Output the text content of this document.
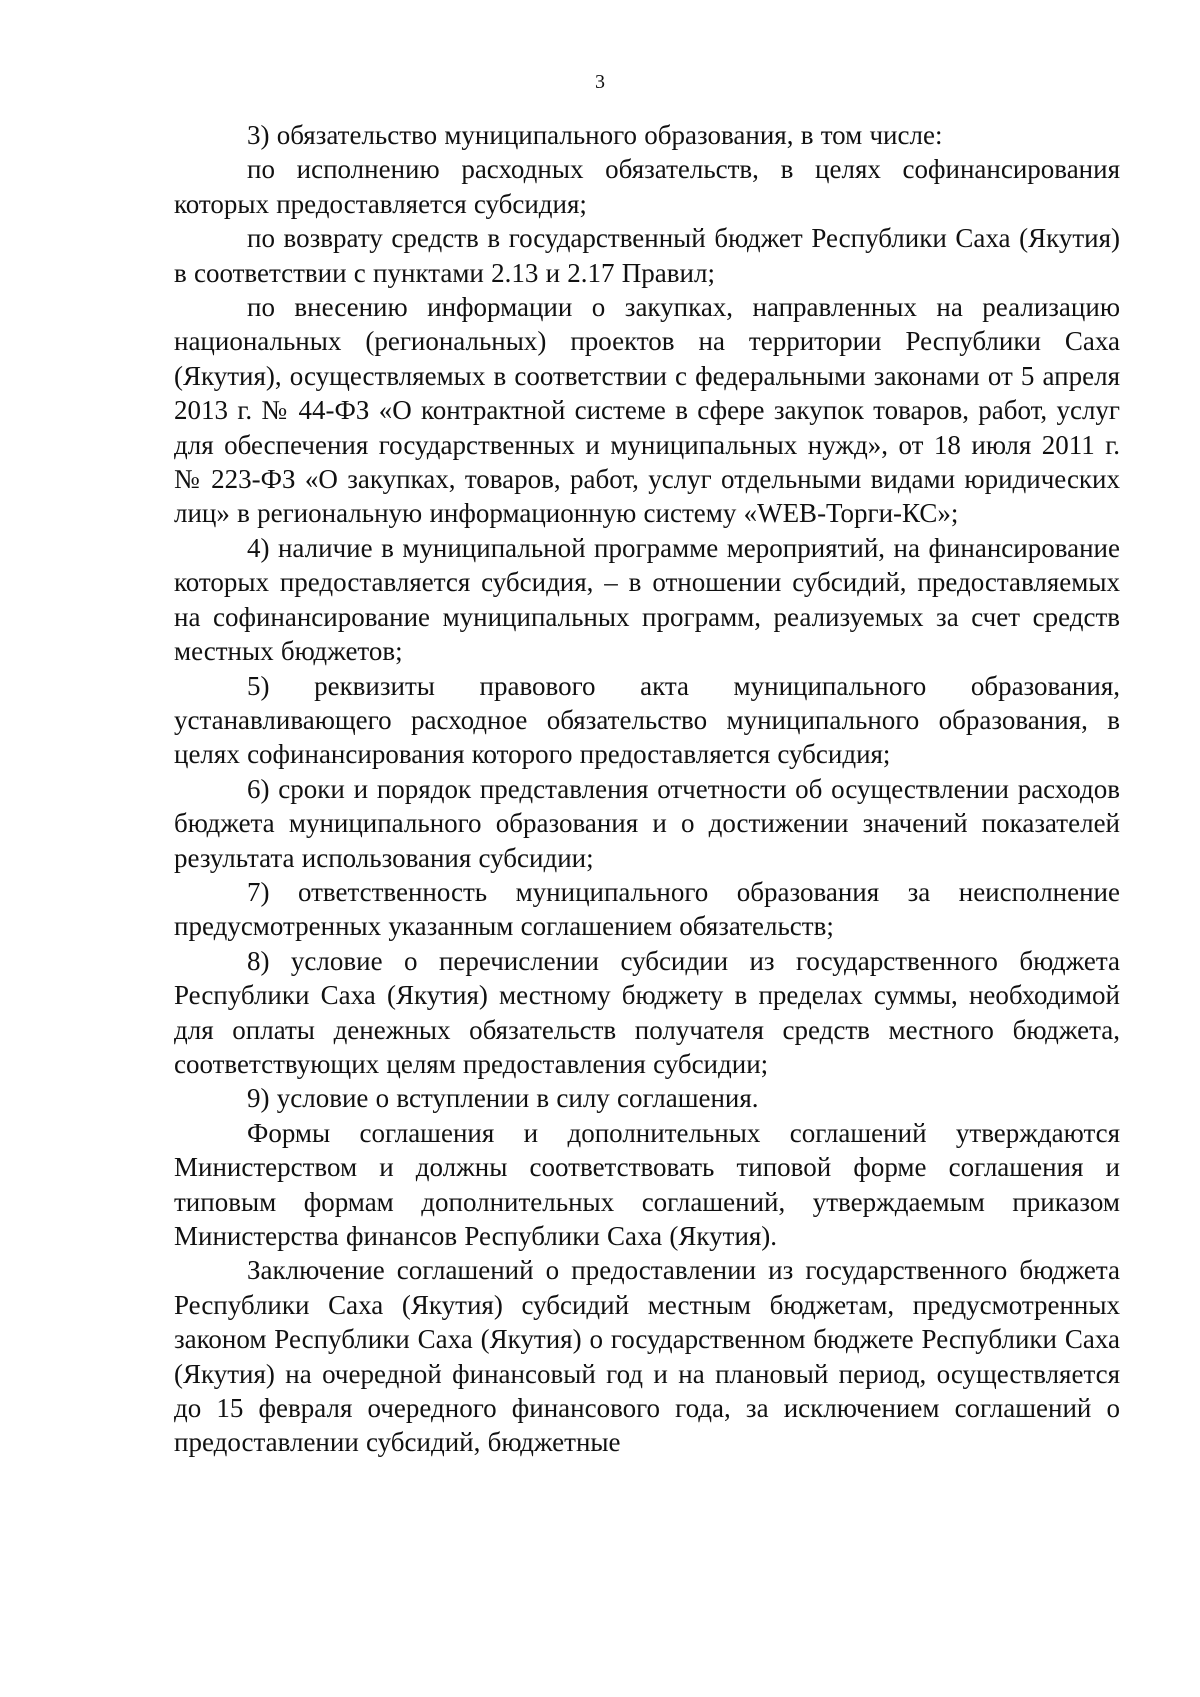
3

3) обязательство муниципального образования, в том числе:

по исполнению расходных обязательств, в целях софинансирования которых предоставляется субсидия;

по возврату средств в государственный бюджет Республики Саха (Якутия) в соответствии с пунктами 2.13 и 2.17 Правил;

по внесению информации о закупках, направленных на реализацию национальных (региональных) проектов на территории Республики Саха (Якутия), осуществляемых в соответствии с федеральными законами от 5 апреля 2013 г. № 44-ФЗ «О контрактной системе в сфере закупок товаров, работ, услуг для обеспечения государственных и муниципальных нужд», от 18 июля 2011 г. № 223-ФЗ «О закупках, товаров, работ, услуг отдельными видами юридических лиц» в региональную информационную систему «WEB-Торги-КС»;

4) наличие в муниципальной программе мероприятий, на финансирование которых предоставляется субсидия, – в отношении субсидий, предоставляемых на софинансирование муниципальных программ, реализуемых за счет средств местных бюджетов;

5) реквизиты правового акта муниципального образования, устанавливающего расходное обязательство муниципального образования, в целях софинансирования которого предоставляется субсидия;

6) сроки и порядок представления отчетности об осуществлении расходов бюджета муниципального образования и о достижении значений показателей результата использования субсидии;

7) ответственность муниципального образования за неисполнение предусмотренных указанным соглашением обязательств;

8) условие о перечислении субсидии из государственного бюджета Республики Саха (Якутия) местному бюджету в пределах суммы, необходимой для оплаты денежных обязательств получателя средств местного бюджета, соответствующих целям предоставления субсидии;

9) условие о вступлении в силу соглашения.

Формы соглашения и дополнительных соглашений утверждаются Министерством и должны соответствовать типовой форме соглашения и типовым формам дополнительных соглашений, утверждаемым приказом Министерства финансов Республики Саха (Якутия).

Заключение соглашений о предоставлении из государственного бюджета Республики Саха (Якутия) субсидий местным бюджетам, предусмотренных законом Республики Саха (Якутия) о государственном бюджете Республики Саха (Якутия) на очередной финансовый год и на плановый период, осуществляется до 15 февраля очередного финансового года, за исключением соглашений о предоставлении субсидий, бюджетные
